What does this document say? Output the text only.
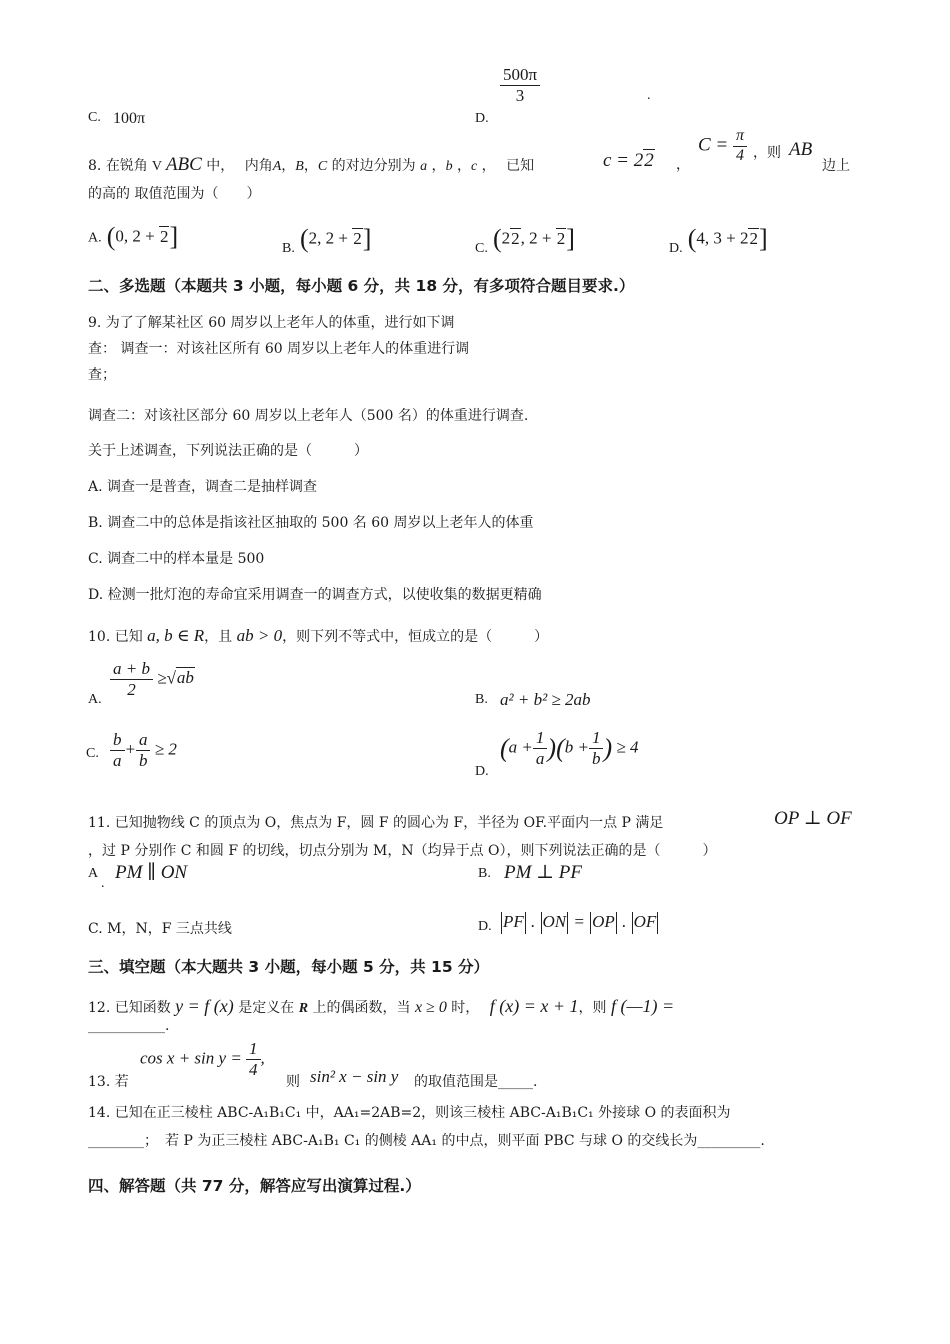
C. 100π	D.
$\frac{500\pi}{3}$	.
8. 在锐角 V ABC 中， 内角A，B，C 的对边分别为 a ，b ，c ， 已知	c = 22 ，
$C = \frac{\pi}{4}$ ，则 AB
边上
的高的 取值范围为（　　）
A. (0, 2 + 2]	B. (2, 2 + 2]	C. (22, 2 + 2]	D. (4, 3 + 22]
二、多选题（本题共 3 小题，每小题 6 分，共 18 分，有多项符合题目要求.）
9. 为了了解某社区 60 周岁以上老年人的体重，进行如下调
查： 调查一：对该社区所有 60 周岁以上老年人的体重进行调
查；
调查二：对该社区部分 60 周岁以上老年人（500 名）的体重进行调查.
关于上述调查，下列说法正确的是（　　　）
A. 调查一是普查，调查二是抽样调查
B. 调查二中的总体是指该社区抽取的 500 名 60 周岁以上老年人的体重
C. 调查二中的样本量是 500
D. 检测一批灯泡的寿命宜采用调查一的调查方式，以使收集的数据更精确
10. 已知 a, b ∈ R，且 ab > 0，则下列不等式中，恒成立的是（　　　）
A.
$\frac{a + b}{2} \ge√ab$
B. a² + b² ≥ 2ab
C. $\frac{b}{a} + \frac{a}{b} \ge 2$
D.
$(a + \frac{1}{a} )(b + \frac{1}{b}$ ) ≥ 4
11. 已知抛物线 C 的顶点为 O，焦点为 F，圆 F 的圆心为 F，半径为 OF.平面内一点 P 满足	OP ⊥ OF
，过 P 分别作 C 和圆 F 的切线，切点分别为 M，N（均异于点 O），则下列说法正确的是（　　　）
A
.
PM ∥ ON	B. PM ⊥ PF
C. M，N，F 三点共线	D. PF . ON = OP . OF
三、填空题（本大题共 3 小题，每小题 5 分，共 15 分）
12. 已知函数 y = f (x) 是定义在 R 上的偶函数，当 x ≥ 0 时， f (x) = x + 1，则 f (—1) =
___________.
13. 若
$\cos x + \sin y = \frac{1}{4}$ ,
则 sin² x − sin y 的取值范围是_____.
14. 已知在正三棱柱 ABC-A₁B₁C₁ 中，AA₁=2AB=2，则该三棱柱 ABC-A₁B₁C₁ 外接球 O 的表面积为
________；　若 P 为正三棱柱 ABC-A₁B₁ C₁ 的侧棱 AA₁ 的中点，则平面 PBC 与球 O 的交线长为_________.
四、解答题（共 77 分，解答应写出演算过程.）
